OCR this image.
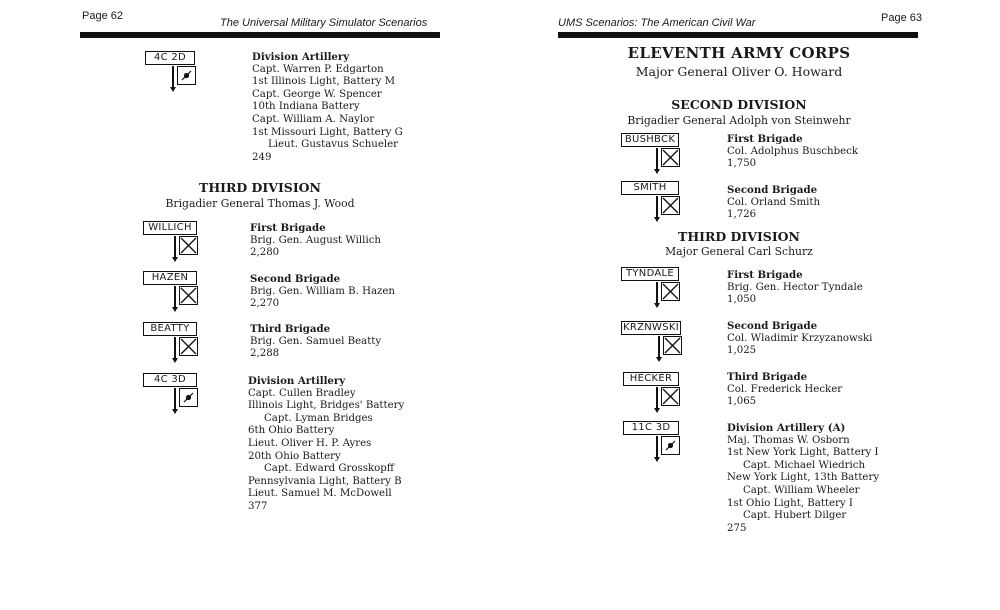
Page 62
The Universal Military Simulator Scenarios
THIRD DIVISION
Brigadier General Thomas J. Wood
4C 2D	Division Artillery
Capt. Warren P. Edgarton
1st Illinois Light, Battery M
Capt. George W. Spencer
10th Indiana Battery
Capt. William A. Naylor
1st Missouri Light, Battery G
Lieut. Gustavus Schueler
249
WILLICH	First Brigade
Brig. Gen. August Willich
2,280
HAZEN	Second Brigade
Brig. Gen. William B. Hazen
2,270
BEATTY	Third Brigade
Brig. Gen. Samuel Beatty
2,288
4C 3D	Division Artillery
Capt. Cullen Bradley
Illinois Light, Bridges' Battery
Capt. Lyman Bridges
6th Ohio Battery
Lieut. Oliver H. P. Ayres
20th Ohio Battery
Capt. Edward Grosskopff
Pennsylvania Light, Battery B
Lieut. Samuel M. McDowell
377
UMS Scenarios: The American Civil War	Page 63
ELEVENTH ARMY CORPS
Major General Oliver O. Howard
SECOND DIVISION
Brigadier General Adolph von Steinwehr
THIRD DIVISION
Major General Carl Schurz
BUSHBCK	First Brigade
Col. Adolphus Buschbeck
1,750
SMITH	Second Brigade
Col. Orland Smith
1,726
TYNDALE	First Brigade
Brig. Gen. Hector Tyndale
1,050
KRZNWSKI	Second Brigade
Col. Wladimir Krzyzanowski
1,025
HECKER	Third Brigade
Col. Frederick Hecker
1,065
11C 3D	Division Artillery (A)
Maj. Thomas W. Osborn
1st New York Light, Battery I
Capt. Michael Wiedrich
New York Light, 13th Battery
Capt. William Wheeler
1st Ohio Light, Battery I
Capt. Hubert Dilger
275
